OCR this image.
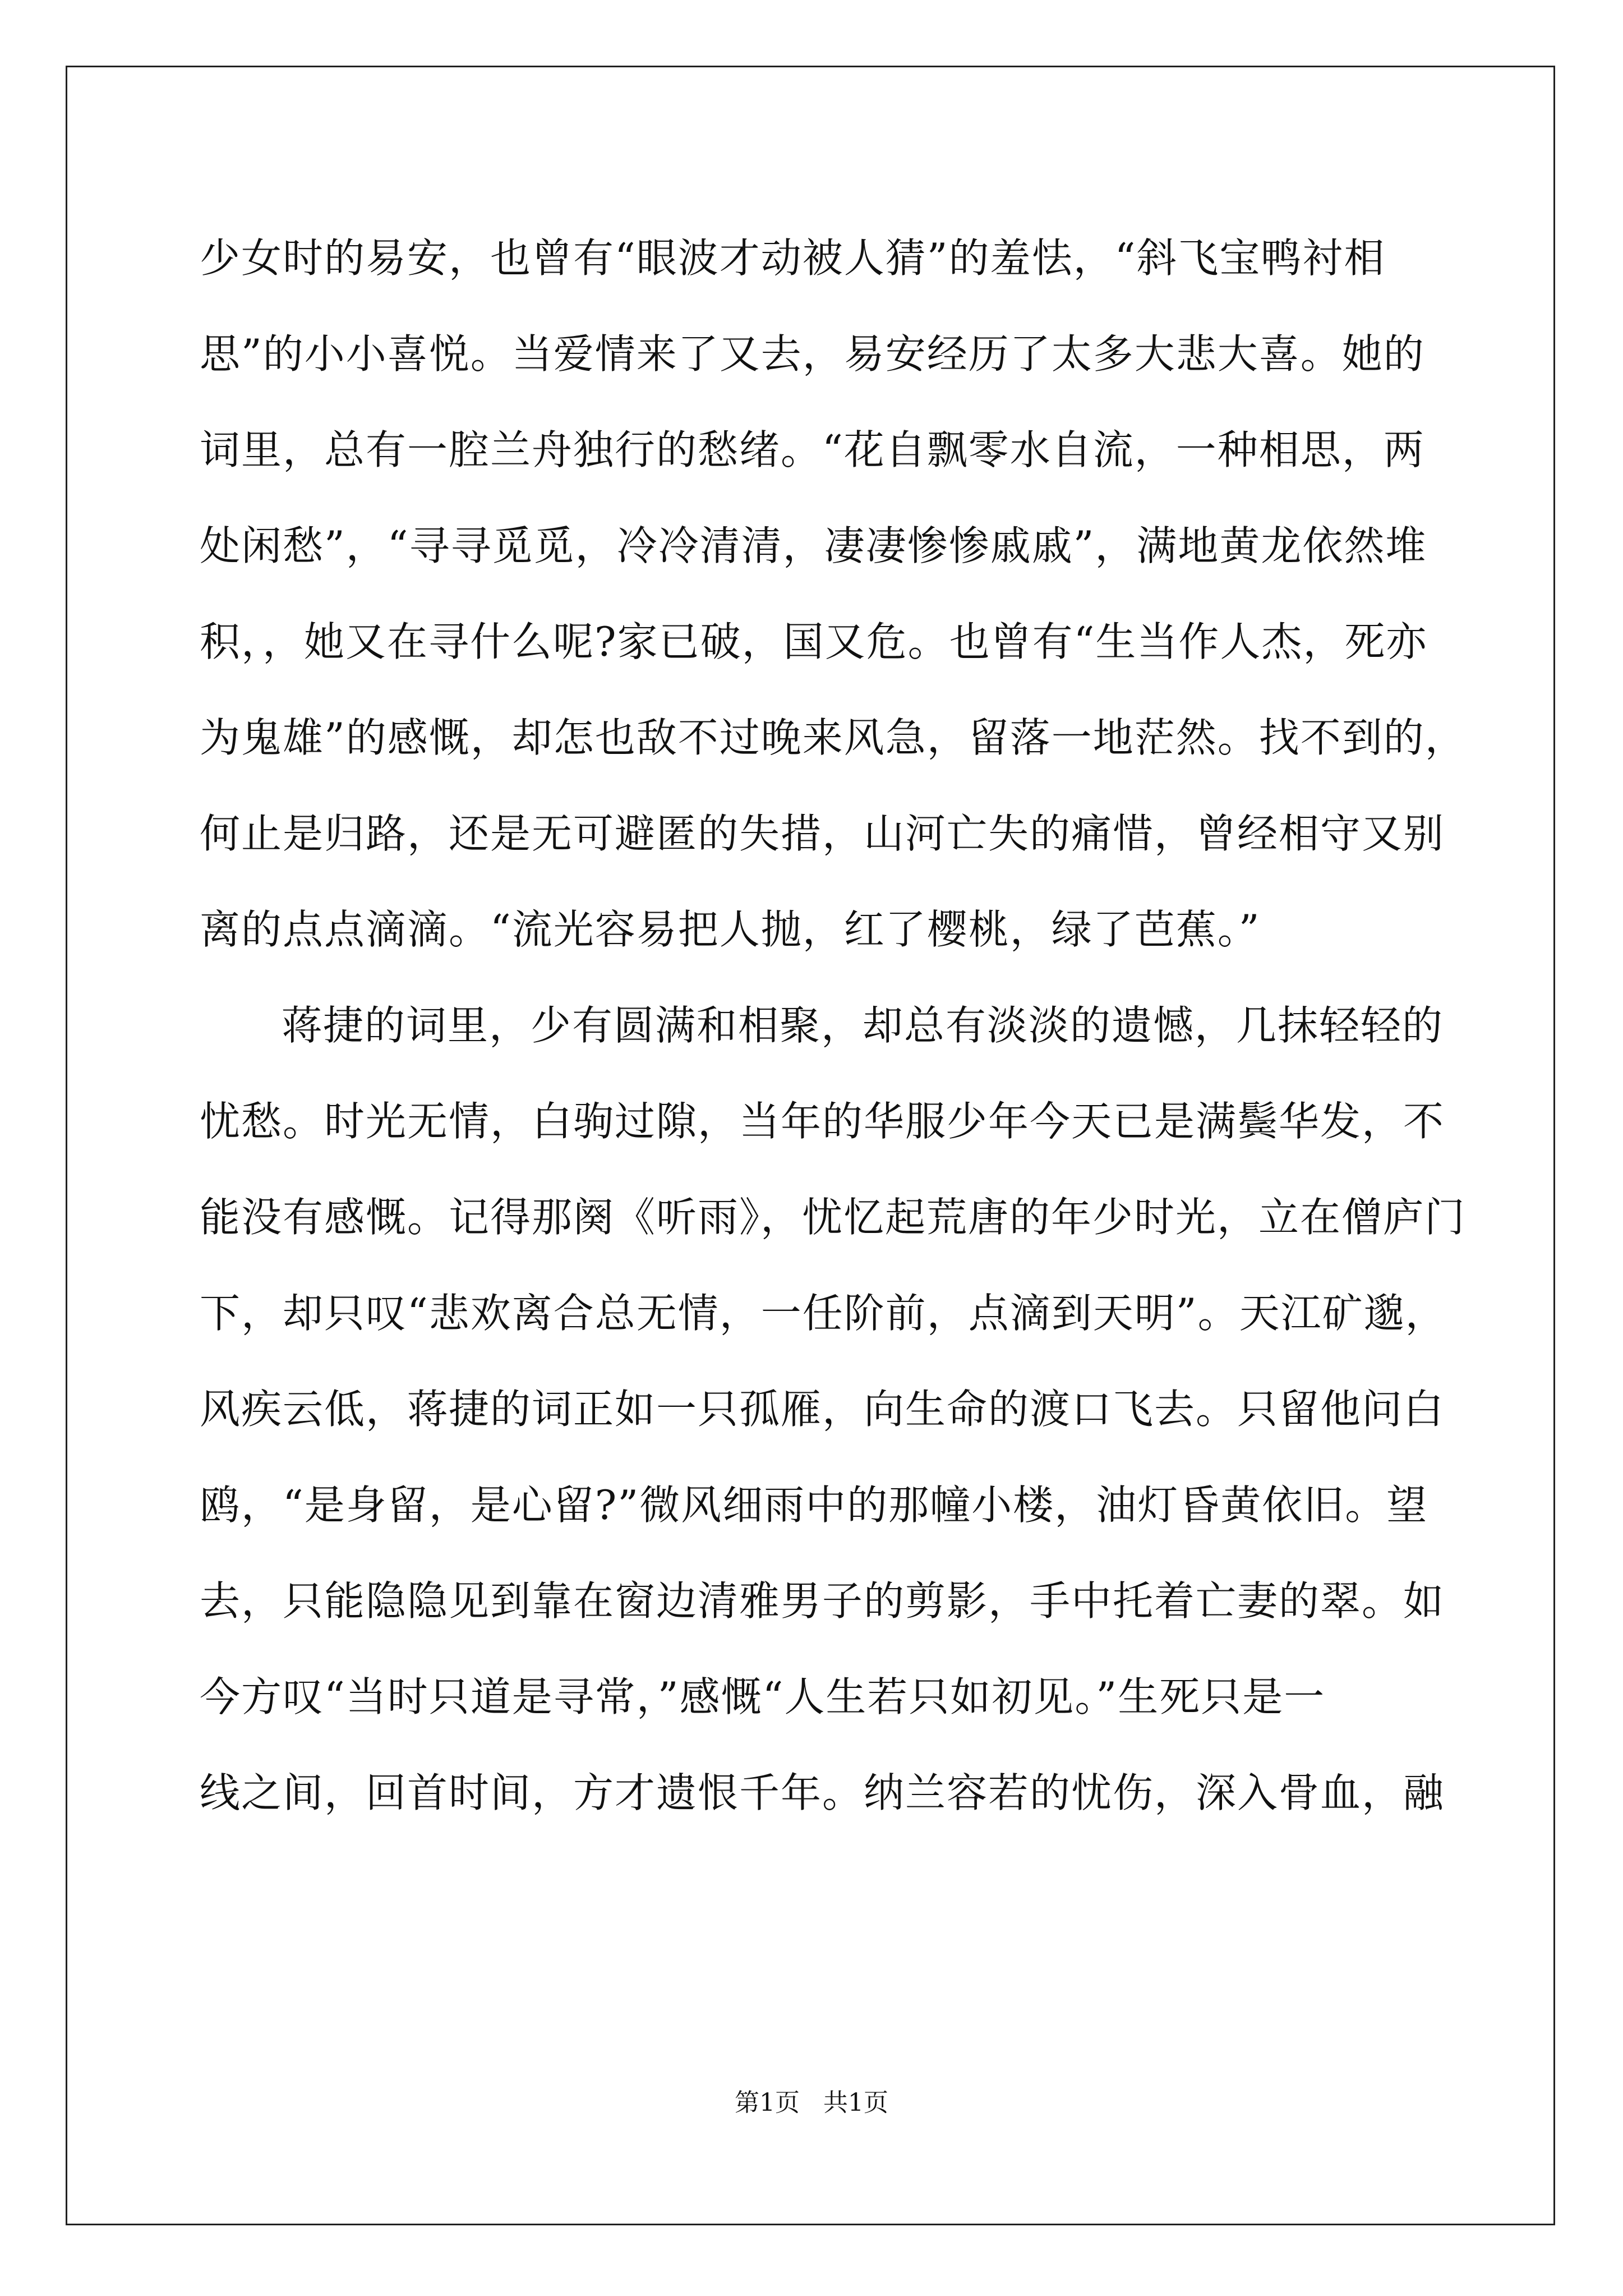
少女时的易安，也曾有“眼波才动被人猜”的羞怯，“斜飞宝鸭衬相
思”的小小喜悦。当爱情来了又去，易安经历了太多大悲大喜。她的
词里，总有一腔兰舟独行的愁绪。“花自飘零水自流，一种相思，两
处闲愁”，“寻寻觅觅，冷冷清清，凄凄惨惨戚戚”，满地黄龙依然堆
积，，她又在寻什么呢?家已破，国又危。也曾有“生当作人杰，死亦
为鬼雄”的感慨，却怎也敌不过晚来风急，留落一地茫然。找不到的，
何止是归路，还是无可避匿的失措，山河亡失的痛惜，曾经相守又别
离的点点滴滴。“流光容易把人抛，红了樱桃，绿了芭蕉。”
蒋捷的词里，少有圆满和相聚，却总有淡淡的遗憾，几抹轻轻的
忧愁。时光无情，白驹过隙，当年的华服少年今天已是满鬓华发，不
能没有感慨。记得那阕《听雨》，忧忆起荒唐的年少时光，立在僧庐门
下，却只叹“悲欢离合总无情，一任阶前，点滴到天明”。天江矿邈，
风疾云低，蒋捷的词正如一只孤雁，向生命的渡口飞去。只留他问白
鸥，“是身留，是心留?”微风细雨中的那幢小楼，油灯昏黄依旧。望
去，只能隐隐见到靠在窗边清雅男子的剪影，手中托着亡妻的翠。如
今方叹“当时只道是寻常，”感慨“人生若只如初见。”生死只是一
线之间，回首时间，方才遗恨千年。纳兰容若的忧伤，深入骨血，融
第1页 共1页
